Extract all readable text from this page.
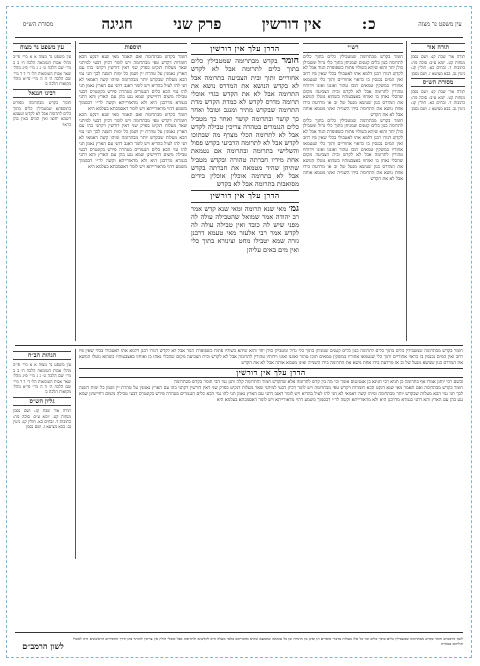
עין משפט נר מצוה
כ:
אין דורשין
פרק שני
חגיגה
מסורת הש״ס
תורה אור
תורה אור שבת קנ: ושם נסמן מנחות קט. יומא ע״ב: סוכה מה: כתובות ד. זבחים כא. חולין קג: גיטין נב. בבא מציעא ז. ושם נסמן
מסורת הש״ס
תורה אור שבת קנ: ושם נסמן מנחות קט. יומא ע״ב: סוכה מה: כתובות ד. זבחים כא. חולין קג: גיטין נב. בבא מציעא ז. ושם נסמן
עין משפט נר מצוה
עין משפט נר מצוה א א מיי׳ פי״ב מהל׳ אבות הטומאה הלכה ח׳ ב ב מיי׳ שם הלכה ט׳ ג ג מיי׳ פ״ג מהל׳ שאר אבות הטומאות הל׳ ד׳ ד ד מיי׳ שם הלכה ה׳ ה ה מיי׳ פי״א מהל׳ מקואות הלכה ב׳
רבינו חננאל
חומר בקדש מבתרומה מפורש בתוספתא שמטבילין כלים בתוך כלים לתרומה אבל לא לקדש וטעמא דשמא יחוצו ואין המים באין בהן כראוי
תוספות
חומר בקדש מבתרומה ואם תאמר מאי שנא דנקט הכא חומרות דקדש טפי מבתרומה ויש לומר דכיון דבעי למיתני שאר מעלות דנקיט בפרק שני דאין דורשין דקתני בהו עם הארץ נאמנין על טהרת יין ושמן כל ימות השנה לכך תני נמי הכא מעלות שבקדש יותר מבתרומה ומיהו קשה דאמאי לא תני להו לעיל בהדיא ויש לומר דאגב דתני עם הארץ נאמן תני להו נמי הכא כלים הנגמרים בטהרה פירש בקונטרס דבעי טבילה משום דחיישינן שמא נגע בהן עם הארץ והא דתני בגמרא מדרבנן היא ולא מדאורייתא וקשה לר״י דבסמוך משמע דהוי מדאורייתא ויש לומר דאסמכתא בעלמא היא
חומר בקדש מבתרומה ואם תאמר מאי שנא דנקט הכא חומרות דקדש טפי מבתרומה ויש לומר דכיון דבעי למיתני שאר מעלות דנקיט בפרק שני דאין דורשין דקתני בהו עם הארץ נאמנין על טהרת יין ושמן כל ימות השנה לכך תני נמי הכא מעלות שבקדש יותר מבתרומה ומיהו קשה דאמאי לא תני להו לעיל בהדיא ויש לומר דאגב דתני עם הארץ נאמן תני להו נמי הכא כלים הנגמרים בטהרה פירש בקונטרס דבעי טבילה משום דחיישינן שמא נגע בהן עם הארץ והא דתני בגמרא מדרבנן היא ולא מדאורייתא וקשה לר״י דבסמוך משמע דהוי מדאורייתא ויש לומר דאסמכתא בעלמא היא
רש״י
חומר בקדש מבתרומה שמטבילין כלים בתוך כלים לתרומה כגון כלים קטנים שמניחן בתוך כלי גדול ומטבילן כולן יחד והוא שיהא בשוליו פתוח כשפופרת הנוד אבל לא לקדש דגזרו רבנן דלמא אתו לאטבולי בכלי שאין פיו רחב ואין המים נכנסין בו כראוי אחוריים ותוך כלי שנטמאו אחוריו במשקין טמאים תוכו טהור ואוגנו ואזנו וידותיו טהורין לתרומה אבל לא לקדש ובית הצביעה מקום שהכלי נאחז בו ואוחזו באצבעותיו כשהוא נוטלו הנושא את המדרס כגון שנושא מנעל של זב או מרדעת בידו אחת נושא את התרומה בידו השנייה ואינו מטמא אותה אבל לא את הקדש
חומר בקדש מבתרומה שמטבילין כלים בתוך כלים לתרומה כגון כלים קטנים שמניחן בתוך כלי גדול ומטבילן כולן יחד והוא שיהא בשוליו פתוח כשפופרת הנוד אבל לא לקדש דגזרו רבנן דלמא אתו לאטבולי בכלי שאין פיו רחב ואין המים נכנסין בו כראוי אחוריים ותוך כלי שנטמאו אחוריו במשקין טמאים תוכו טהור ואוגנו ואזנו וידותיו טהורין לתרומה אבל לא לקדש ובית הצביעה מקום שהכלי נאחז בו ואוחזו באצבעותיו כשהוא נוטלו הנושא את המדרס כגון שנושא מנעל של זב או מרדעת בידו אחת נושא את התרומה בידו השנייה ואינו מטמא אותה אבל לא את הקדש
הדרן עלך אין דורשין
חומר בקדש מבתרומה שמטבילין כלים בתוך כלים לתרומה אבל לא לקדש אחוריים ותוך ובית הצביעה בתרומה אבל לא בקדש הנושא את המדרס נושא את התרומה אבל לא את הקדש בגדי אוכלי תרומה מדרס לקדש לא כמדת הקדש מדת התרומה שבקדש מתיר ומנגב וטובל ואחר כך קושר ובתרומה קושר ואחר כך מטביל כלים הנגמרים בטהרה צריכין טבילה לקדש אבל לא לתרומה הכלי מצרף מה שבתוכו לקדש אבל לא לתרומה הרביעי בקדש פסול והשלישי בתרומה ובתרומה אם נטמאת אחת מידיו חברתה טהורה ובקדש מטביל שתיהן שהיד מטמאה את חברתה בקדש אבל לא בתרומה אוכלין אוכלין בידים מסואבות בתרומה אבל לא בקדש
הדרן עלך אין דורשין
גמ׳ מאי שנא תרומה ומאי שנא קדש אמר רב יהודה אמר שמואל שהטבילה עולה לה מפני שיש לה כובד ואין טבילה עולה לה לקדש אמר רבי אלעזר מאי טעמא דרבנן גזרה שמא יטבילו מחט וצינורא בתוך כלי ואין מים באים עליהן
חומר בקדש מבתרומה שמטבילין כלים בתוך כלים לתרומה כגון כלים קטנים שמניחן בתוך כלי גדול ומטבילן כולן יחד והוא שיהא בשוליו פתוח כשפופרת הנוד אבל לא לקדש דגזרו רבנן דלמא אתו לאטבולי בכלי שאין פיו רחב ואין המים נכנסין בו כראוי אחוריים ותוך כלי שנטמאו אחוריו במשקין טמאים תוכו טהור ואוגנו ואזנו וידותיו טהורין לתרומה אבל לא לקדש ובית הצביעה מקום שהכלי נאחז בו ואוחזו באצבעותיו כשהוא נוטלו הנושא את המדרס כגון שנושא מנעל של זב או מרדעת בידו אחת נושא את התרומה בידו השנייה ואינו מטמא אותה אבל לא את הקדש
הדרן עלך אין דורשין
ובשם רבי יוחנן אמרו אף בתרומה כן תניא רבי חנינא בן אנטיגנוס אומר וכי מה בין קדש לתרומה אלא שהקדש חמור והתרומה קלה ותנן נמי הכי חומר בקדש מבתרומה
חומר בקדש מבתרומה ואם תאמר מאי שנא דנקט הכא חומרות דקדש טפי מבתרומה ויש לומר דכיון דבעי למיתני שאר מעלות דנקיט בפרק שני דאין דורשין דקתני בהו עם הארץ נאמנין על טהרת יין ושמן כל ימות השנה לכך תני נמי הכא מעלות שבקדש יותר מבתרומה ומיהו קשה דאמאי לא תני להו לעיל בהדיא ויש לומר דאגב דתני עם הארץ נאמן תני להו נמי הכא כלים הנגמרים בטהרה פירש בקונטרס דבעי טבילה משום דחיישינן שמא נגע בהן עם הארץ והא דתני בגמרא מדרבנן היא ולא מדאורייתא וקשה לר״י דבסמוך משמע דהוי מדאורייתא ויש לומר דאסמכתא בעלמא היא
הגהות הב״ח
עין משפט נר מצוה א א מיי׳ פי״ב מהל׳ אבות הטומאה הלכה ח׳ ב ב מיי׳ שם הלכה ט׳ ג ג מיי׳ פ״ג מהל׳ שאר אבות הטומאות הל׳ ד׳ ד ד מיי׳ שם הלכה ה׳ ה ה מיי׳ פי״א מהל׳ מקואות הלכה ב׳
גליון הש״ס
תורה אור שבת קנ: ושם נסמן מנחות קט. יומא ע״ב: סוכה מה: כתובות ד. זבחים כא. חולין קג: גיטין נב. בבא מציעא ז. ושם נסמן
לשון הרמב״ם
לשון הרמב״ם חומר בקדש מבתרומה שמטבילין כלים בתוך כלים וכו׳ כל אלו מעלות מדברי סופרים הן ואינן מן התורה וכן כל טומאה שתמצא שהיא מדבריהם בלבד מעלה היא לקדשים ולתרומה אבל אוכלי חולין אין צריכין להזהר בהן ודרך החסידים הראשונים היה לאכול חוליהם בטהרה
